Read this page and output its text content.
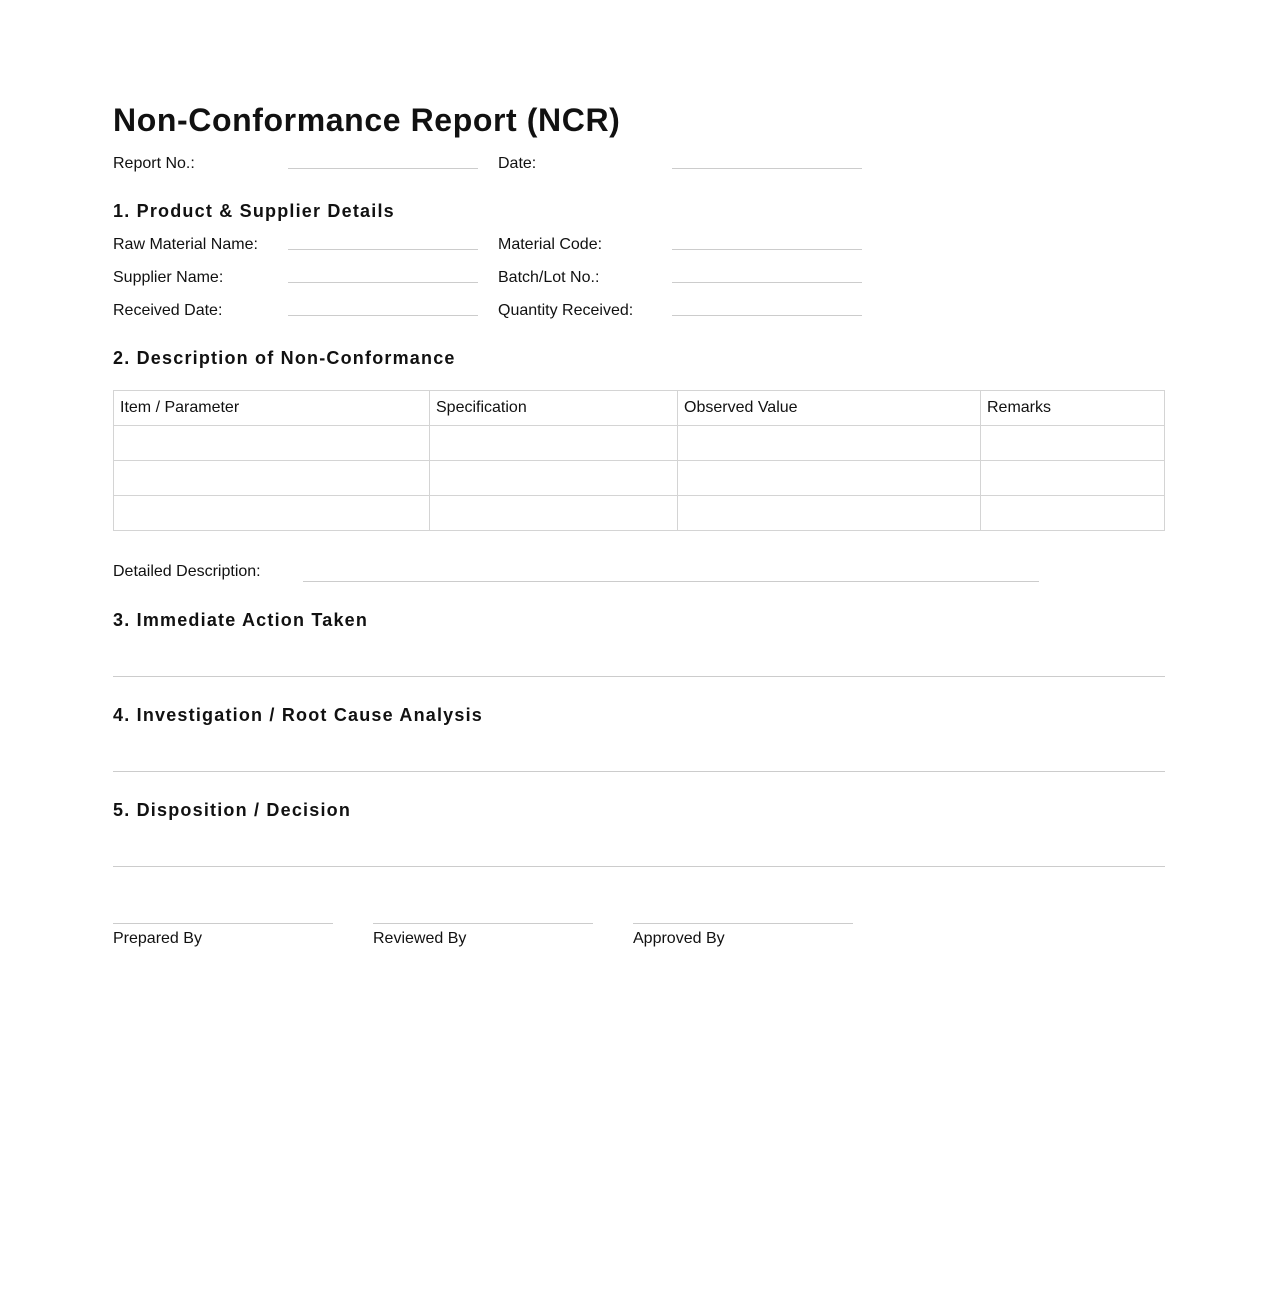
Non-Conformance Report (NCR)
Report No.:	Date:
1. Product & Supplier Details
Raw Material Name:	Material Code:
Supplier Name:	Batch/Lot No.:
Received Date:	Quantity Received:
2. Description of Non-Conformance
Item / Parameter	Specification	Observed Value	Remarks

Detailed Description:
3. Immediate Action Taken
4. Investigation / Root Cause Analysis
5. Disposition / Decision
Prepared By	Reviewed By	Approved By
